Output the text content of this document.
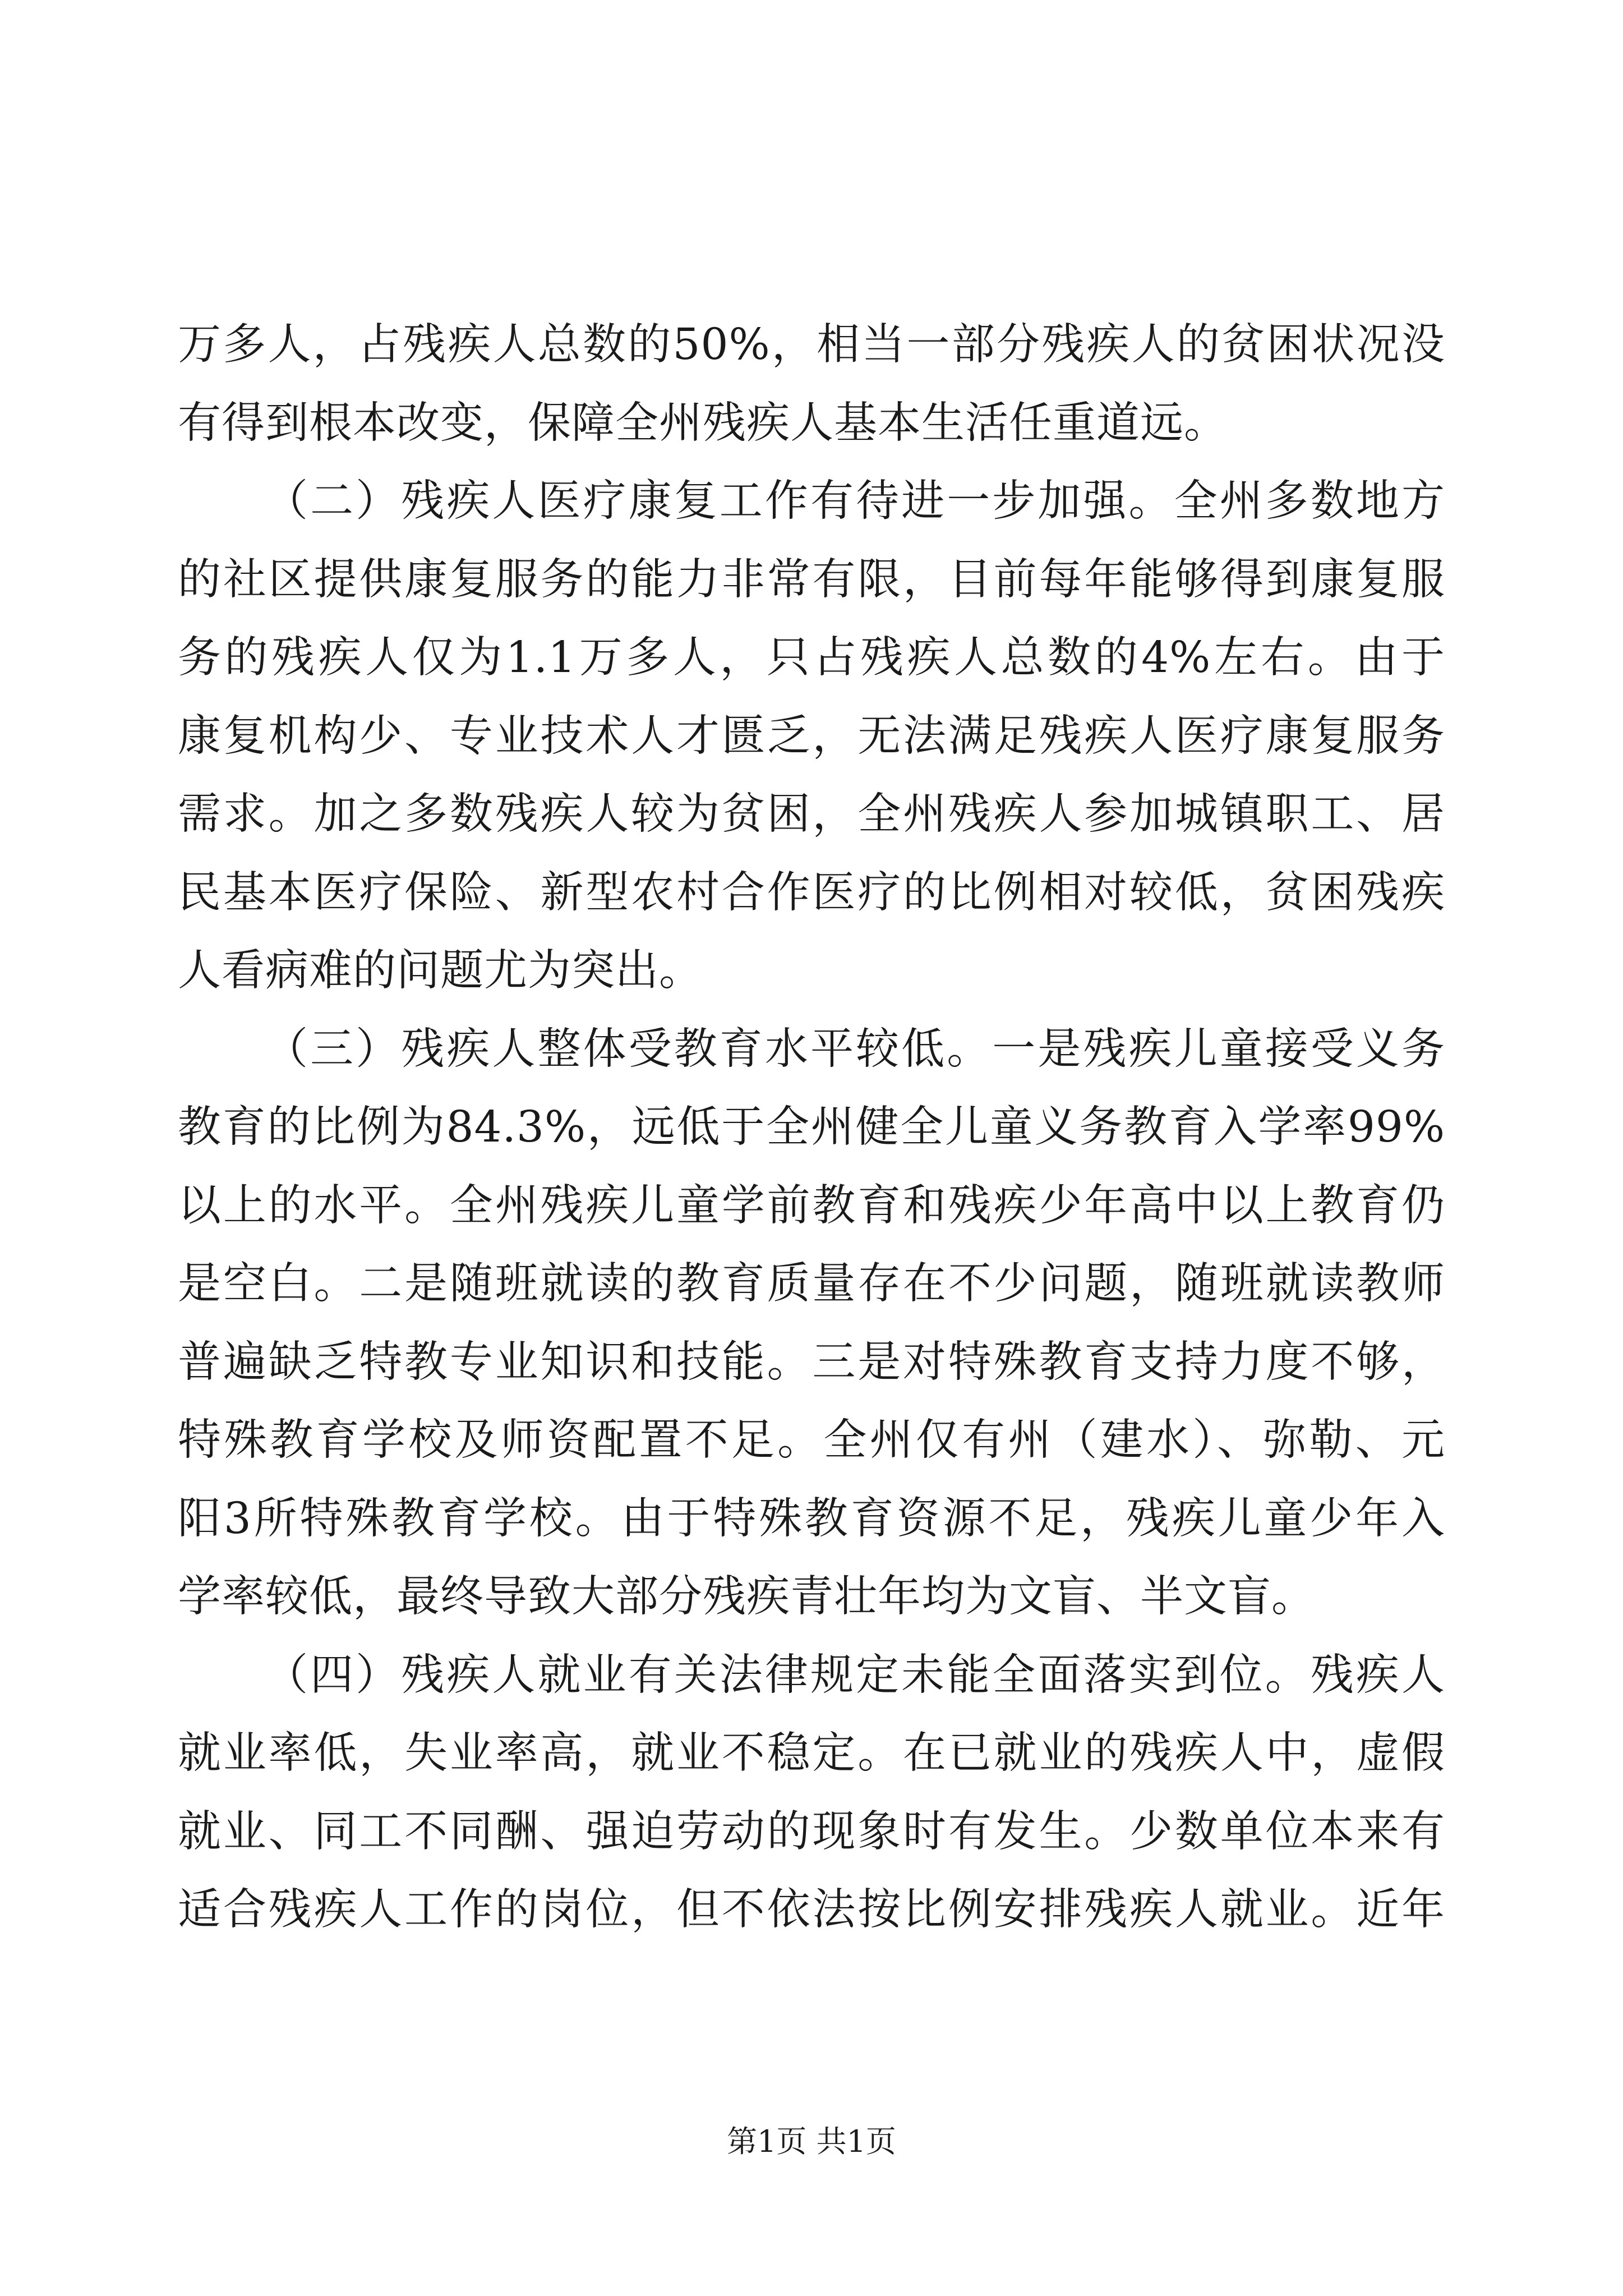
万多人，占残疾人总数的50%，相当一部分残疾人的贫困状况没
有得到根本改变，保障全州残疾人基本生活任重道远。
（二）残疾人医疗康复工作有待进一步加强。全州多数地方
的社区提供康复服务的能力非常有限，目前每年能够得到康复服
务的残疾人仅为1.1万多人，只占残疾人总数的4%左右。由于
康复机构少、专业技术人才匮乏，无法满足残疾人医疗康复服务
需求。加之多数残疾人较为贫困，全州残疾人参加城镇职工、居
民基本医疗保险、新型农村合作医疗的比例相对较低，贫困残疾
人看病难的问题尤为突出。
（三）残疾人整体受教育水平较低。一是残疾儿童接受义务
教育的比例为84.3%，远低于全州健全儿童义务教育入学率99%
以上的水平。全州残疾儿童学前教育和残疾少年高中以上教育仍
是空白。二是随班就读的教育质量存在不少问题，随班就读教师
普遍缺乏特教专业知识和技能。三是对特殊教育支持力度不够，
特殊教育学校及师资配置不足。全州仅有州（建水）、弥勒、元
阳3所特殊教育学校。由于特殊教育资源不足，残疾儿童少年入
学率较低，最终导致大部分残疾青壮年均为文盲、半文盲。
（四）残疾人就业有关法律规定未能全面落实到位。残疾人
就业率低，失业率高，就业不稳定。在已就业的残疾人中，虚假
就业、同工不同酬、强迫劳动的现象时有发生。少数单位本来有
适合残疾人工作的岗位，但不依法按比例安排残疾人就业。近年
第1页 共1页
